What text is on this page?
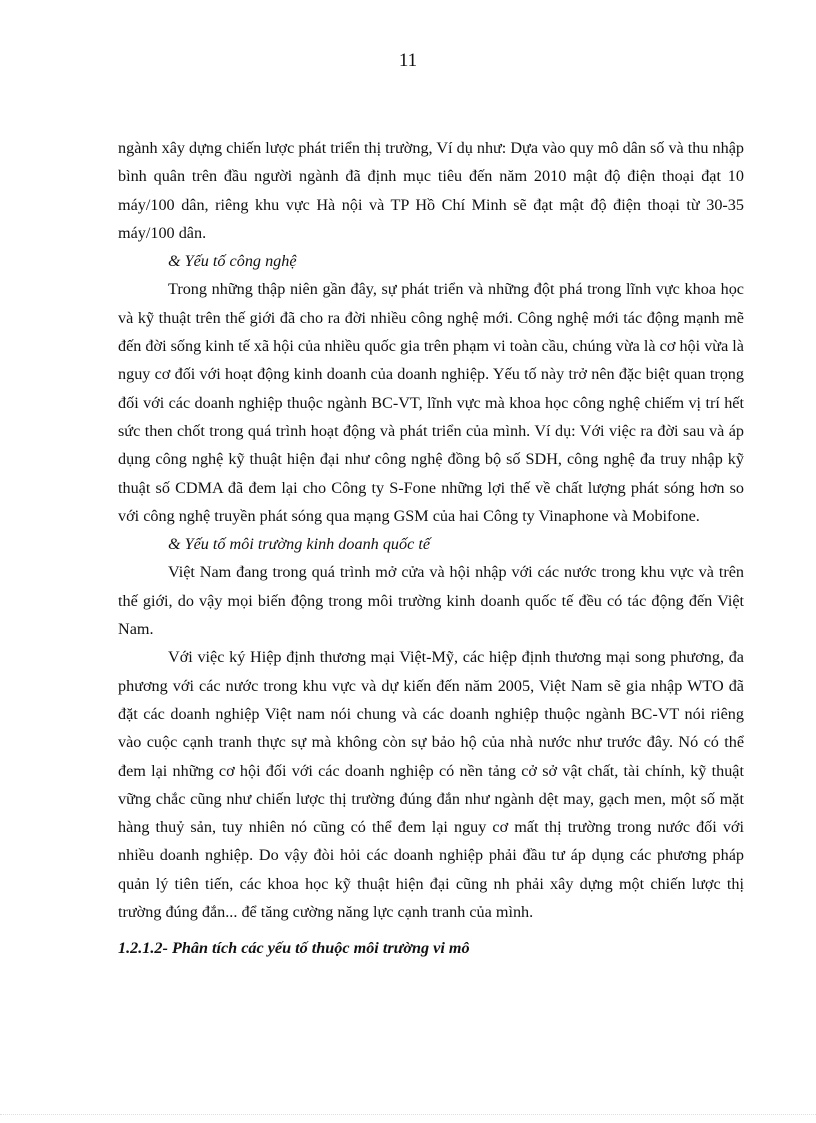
11

ngành xây dựng chiến lược phát triển thị trường, Ví dụ như: Dựa vào quy mô dân số và thu nhập bình quân trên đầu người ngành đã định mục tiêu đến năm 2010 mật độ điện thoại đạt 10 máy/100 dân, riêng khu vực Hà nội và TP Hồ Chí Minh sẽ đạt mật độ điện thoại từ 30-35 máy/100 dân.

& Yếu tố công nghệ

Trong những thập niên gần đây, sự phát triển và những đột phá trong lĩnh vực khoa học và kỹ thuật trên thế giới đã cho ra đời nhiều công nghệ mới. Công nghệ mới tác động mạnh mẽ đến đời sống kinh tế xã hội của nhiều quốc gia trên phạm vi toàn cầu, chúng vừa là cơ hội vừa là nguy cơ đối với hoạt động kinh doanh của doanh nghiệp. Yếu tố này trở nên đặc biệt quan trọng đối với các doanh nghiệp thuộc ngành BC-VT, lĩnh vực mà khoa học công nghệ chiếm vị trí hết sức then chốt trong quá trình hoạt động và phát triển của mình. Ví dụ: Với việc ra đời sau và áp dụng công nghệ kỹ thuật hiện đại như công nghệ đồng bộ số SDH, công nghệ đa truy nhập kỹ thuật số CDMA đã đem lại cho Công ty S-Fone những lợi thế về chất lượng phát sóng hơn so với công nghệ truyền phát sóng qua mạng GSM của hai Công ty Vinaphone và Mobifone.

& Yếu tố môi trường kinh doanh quốc tế

Việt Nam đang trong quá trình mở cửa và hội nhập với các nước trong khu vực và trên thế giới, do vậy mọi biến động trong môi trường kinh doanh quốc tế đều có tác động đến Việt Nam.

Với việc ký Hiệp định thương mại Việt-Mỹ, các hiệp định thương mại song phương, đa phương với các nước trong khu vực và dự kiến đến năm 2005, Việt Nam sẽ gia nhập WTO đã đặt các doanh nghiệp Việt nam nói chung và các doanh nghiệp thuộc ngành BC-VT nói riêng vào cuộc cạnh tranh thực sự mà không còn sự bảo hộ của nhà nước như trước đây. Nó có thể đem lại những cơ hội đối với các doanh nghiệp có nền tảng cở sở vật chất, tài chính, kỹ thuật vững chắc cũng như chiến lược thị trường đúng đắn như ngành dệt may, gạch men, một số mặt hàng thuỷ sản, tuy nhiên nó cũng có thể đem lại nguy cơ mất thị trường trong nước đối với nhiều doanh nghiệp. Do vậy đòi hỏi các doanh nghiệp phải đầu tư áp dụng các phương pháp quản lý tiên tiến, các khoa học kỹ thuật hiện đại cũng nh phải xây dựng một chiến lược thị trường đúng đắn... để tăng cường năng lực cạnh tranh của mình.

1.2.1.2- Phân tích các yếu tố thuộc môi trường vi mô
